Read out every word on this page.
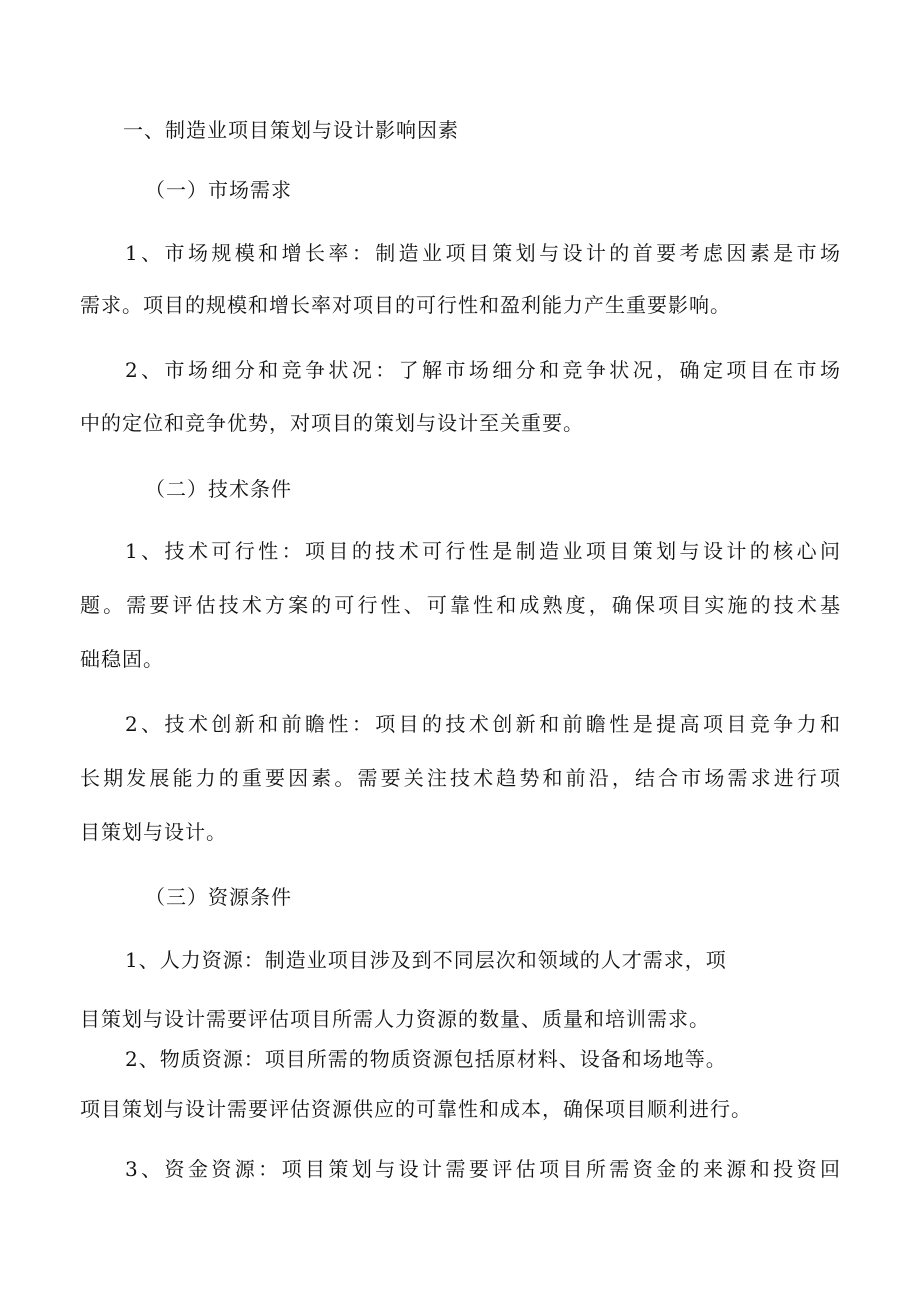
一、制造业项目策划与设计影响因素
（一）市场需求
1、市场规模和增长率：制造业项目策划与设计的首要考虑因素是市场
需求。项目的规模和增长率对项目的可行性和盈利能力产生重要影响。
2、市场细分和竞争状况：了解市场细分和竞争状况，确定项目在市场
中的定位和竞争优势，对项目的策划与设计至关重要。
（二）技术条件
1、技术可行性：项目的技术可行性是制造业项目策划与设计的核心问
题。需要评估技术方案的可行性、可靠性和成熟度，确保项目实施的技术基
础稳固。
2、技术创新和前瞻性：项目的技术创新和前瞻性是提高项目竞争力和
长期发展能力的重要因素。需要关注技术趋势和前沿，结合市场需求进行项
目策划与设计。
（三）资源条件
1、人力资源：制造业项目涉及到不同层次和领域的人才需求，项
目策划与设计需要评估项目所需人力资源的数量、质量和培训需求。
2、物质资源：项目所需的物质资源包括原材料、设备和场地等。
项目策划与设计需要评估资源供应的可靠性和成本，确保项目顺利进行。
3、资金资源：项目策划与设计需要评估项目所需资金的来源和投资回
